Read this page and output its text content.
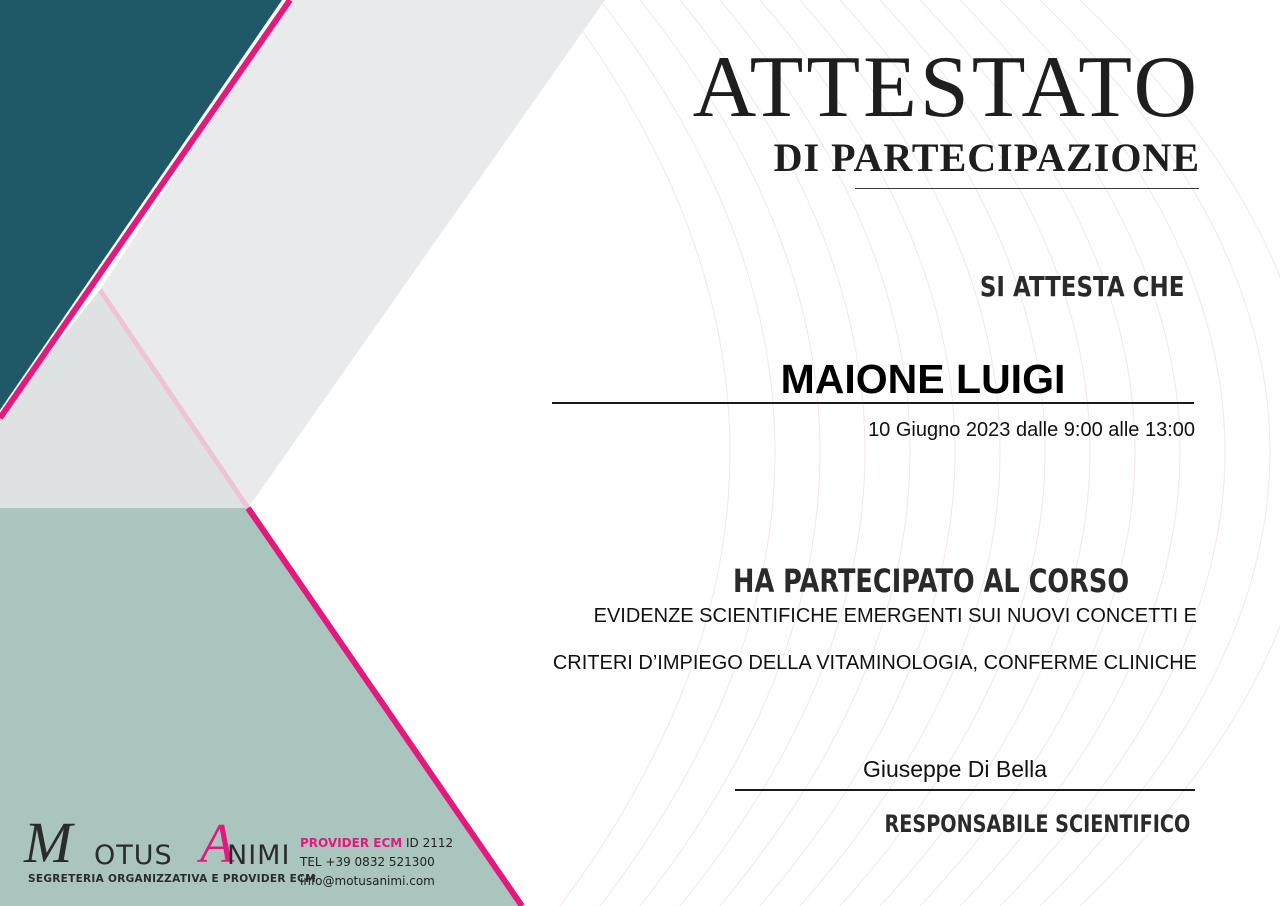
ATTESTATO
DI PARTECIPAZIONE
SI ATTESTA CHE
MAIONE LUIGI
10 Giugno 2023 dalle 9:00 alle 13:00
HA PARTECIPATO AL CORSO
EVIDENZE SCIENTIFICHE EMERGENTI SUI NUOVI CONCETTI E
CRITERI D’IMPIEGO DELLA VITAMINOLOGIA, CONFERME CLINICHE
Giuseppe Di Bella
RESPONSABILE SCIENTIFICO
M OTUS A
NIMI
SEGRETERIA ORGANIZZATIVA E PROVIDER ECM
PROVIDER ECM ID 2112
TEL +39 0832 521300
info@motusanimi.com
